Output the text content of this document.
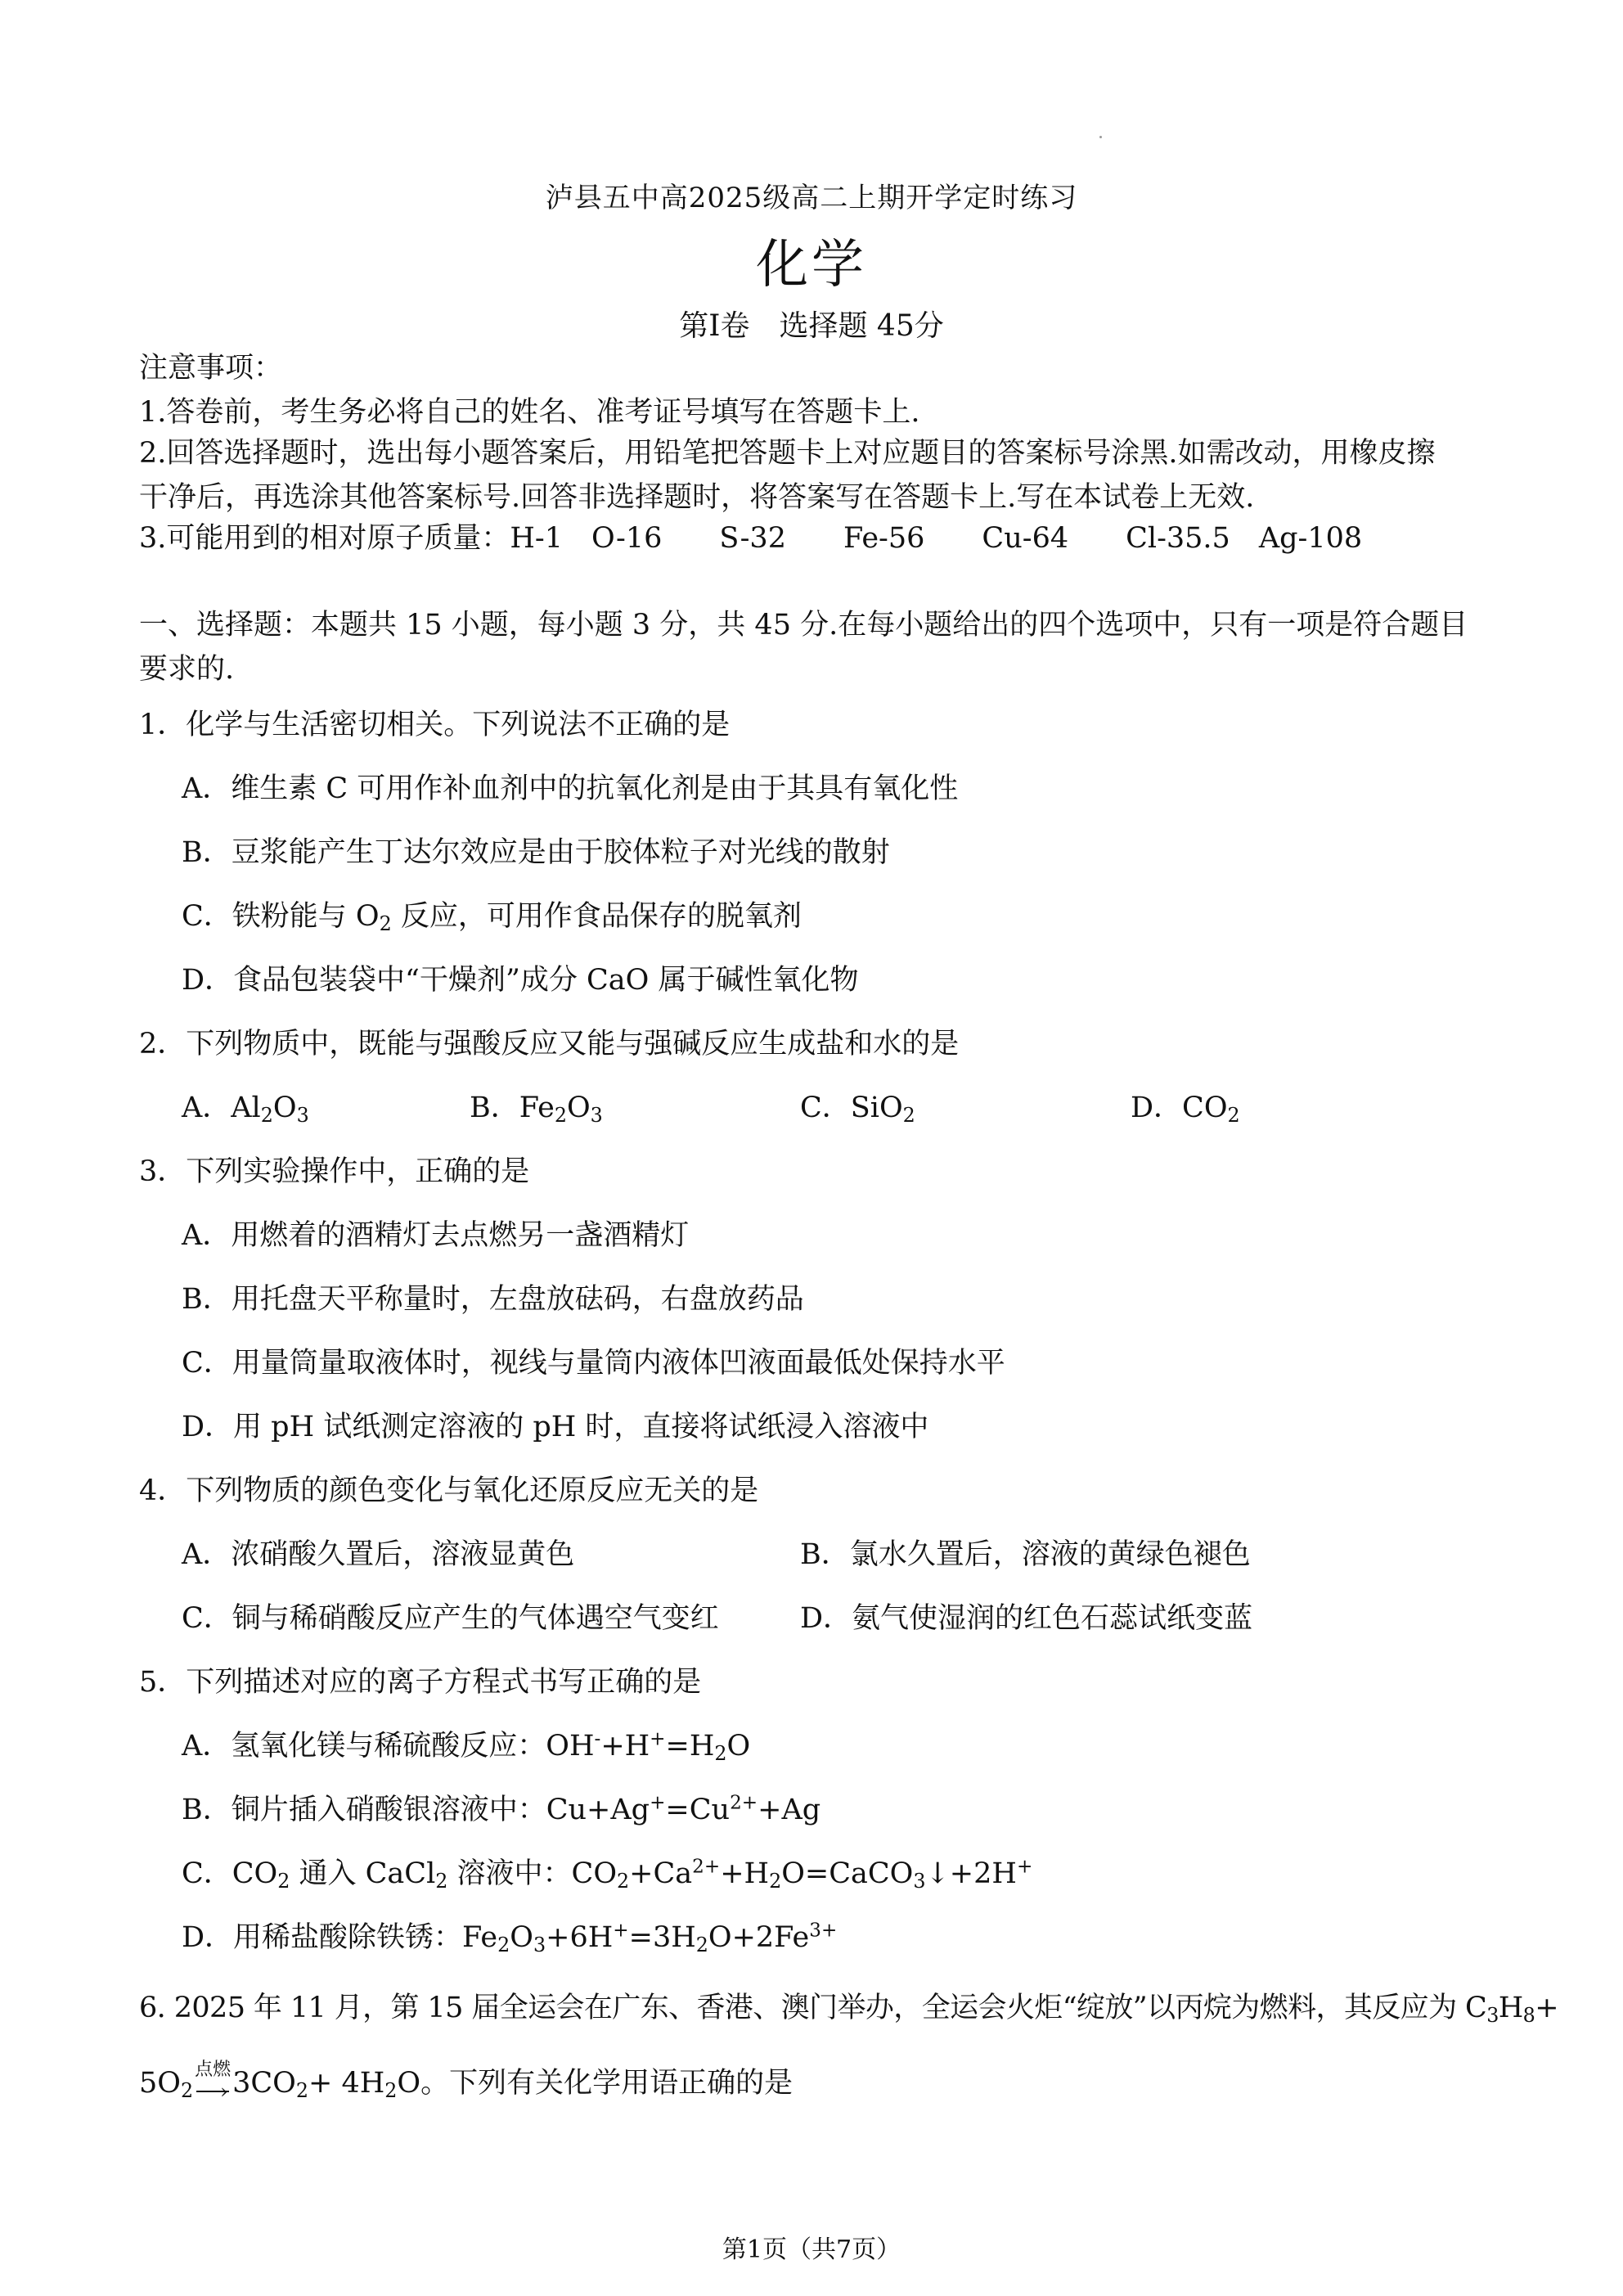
泸县五中高2025级高二上期开学定时练习
化学
第Ⅰ卷　选择题 45分
注意事项：
1.答卷前，考生务必将自己的姓名、准考证号填写在答题卡上.
2.回答选择题时，选出每小题答案后，用铅笔把答题卡上对应题目的答案标号涂黑.如需改动，用橡皮擦
干净后，再选涂其他答案标号.回答非选择题时，将答案写在答题卡上.写在本试卷上无效.
3.可能用到的相对原子质量：H-1　O-16　　S-32　　Fe-56　　Cu-64　　Cl-35.5　Ag-108
一、选择题：本题共 15 小题，每小题 3 分，共 45 分.在每小题给出的四个选项中，只有一项是符合题目
要求的.
1．化学与生活密切相关。下列说法不正确的是
A．维生素 C 可用作补血剂中的抗氧化剂是由于其具有氧化性
B．豆浆能产生丁达尔效应是由于胶体粒子对光线的散射
C．铁粉能与 $O_2$ 反应，可用作食品保存的脱氧剂
D．食品包装袋中“干燥剂”成分 CaO 属于碱性氧化物
2．下列物质中，既能与强酸反应又能与强碱反应生成盐和水的是
A．$Al_2O_3$	B．$Fe_2O_3$	C．SiO$_2$	D．$CO_2$
3．下列实验操作中，正确的是
A．用燃着的酒精灯去点燃另一盏酒精灯
B．用托盘天平称量时，左盘放砝码，右盘放药品
C．用量筒量取液体时，视线与量筒内液体凹液面最低处保持水平
D．用 pH 试纸测定溶液的 pH 时，直接将试纸浸入溶液中
4．下列物质的颜色变化与氧化还原反应无关的是
A．浓硝酸久置后，溶液显黄色	B．氯水久置后，溶液的黄绿色褪色
C．铜与稀硝酸反应产生的气体遇空气变红	D．氨气使湿润的红色石蕊试纸变蓝
5．下列描述对应的离子方程式书写正确的是
A．氢氧化镁与稀硫酸反应：$OH^-+H^+=H_2O$
B．铜片插入硝酸银溶液中：$Cu+Ag^+=Cu^{2+}+Ag$
C．$CO_2$ 通入 CaCl$_2$ 溶液中：$CO_2+Ca^{2+}+H_2O=CaCO_3↓+2H^+$
D．用稀盐酸除铁锈：$Fe_2O_3+6H^+=3H_2O+2Fe^{3+}$
6. 2025 年 11 月，第 15 届全运会在广东、香港、澳门举办，全运会火炬“绽放”以丙烷为燃料，其反应为 $C_3H_8+$
$5O_2$
点燃
› $3CO_2+ 4H_2O$。下列有关化学用语正确的是
第1页（共7页）
